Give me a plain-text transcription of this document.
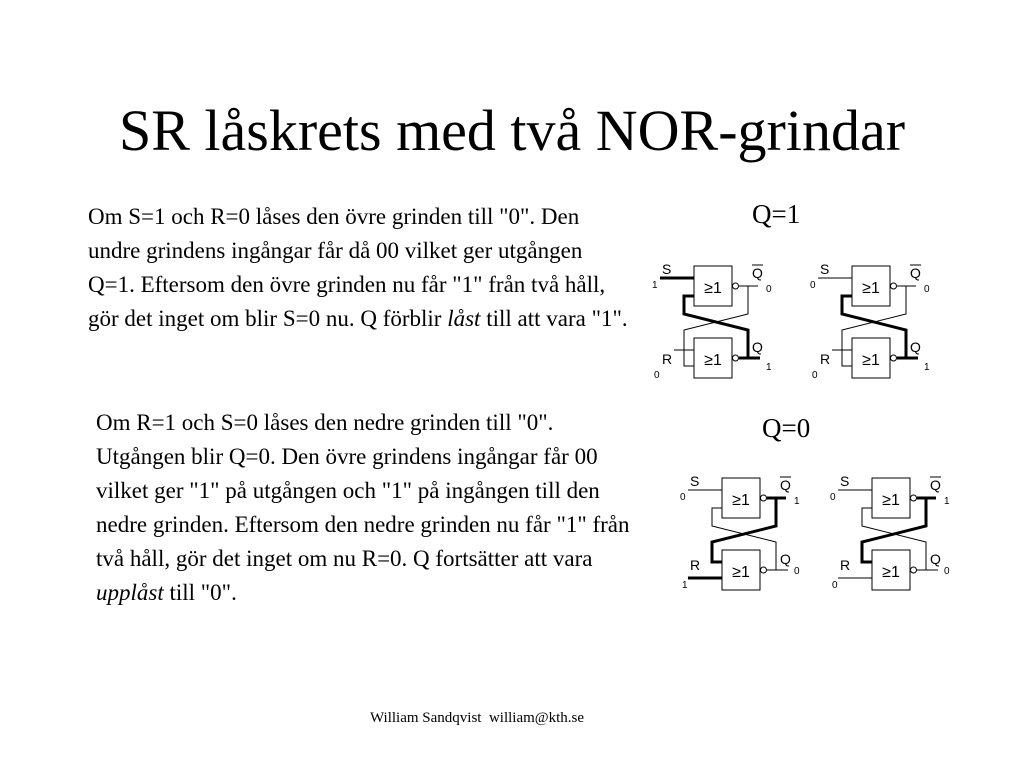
SR låskrets med två NOR-grindar

Om S=1 och R=0 låses den övre grinden till "0". Den undre grindens ingångar får då 00 vilket ger utgången Q=1. Eftersom den övre grinden nu får "1" från två håll, gör det inget om blir S=0 nu. Q förblir låst till att vara "1".

Om R=1 och S=0 låses den nedre grinden till "0". Utgången blir Q=0. Den övre grindens ingångar får 00 vilket ger "1" på utgången och "1" på ingången till den nedre grinden. Eftersom den nedre grinden nu får "1" från två håll, gör det inget om nu R=0. Q fortsätter att vara upplåst till "0".

Q=1
Q=0
≥1
≥1
S
1
R
0
Q
0
Q
1
≥1
≥1
S
0
R
0
Q
0
Q
1
≥1
≥1
S
0
R
1
Q
1
Q
0
≥1
≥1
S
0
R
0
Q
1
Q
0
William Sandqvist  william@kth.se
